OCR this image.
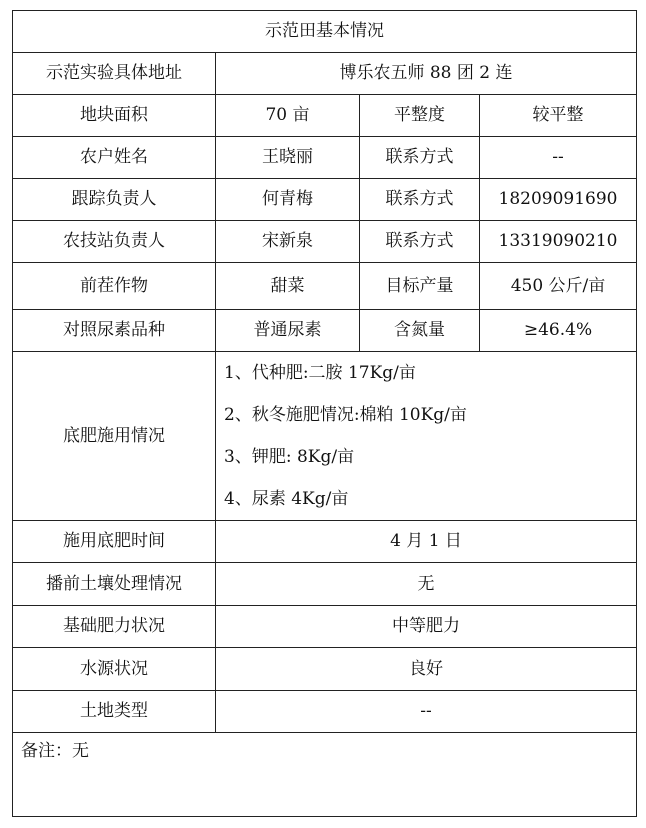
示范田基本情况			
示范实验具体地址	博乐农五师 88 团 2 连		
地块面积	70 亩	平整度	较平整
农户姓名	王晓丽	联系方式	--
跟踪负责人	何青梅	联系方式	18209091690
农技站负责人	宋新泉	联系方式	13319090210
前茬作物	甜菜	目标产量	450 公斤/亩
对照尿素品种	普通尿素	含氮量	≥46.4%
底肥施用情况	1、代种肥:二胺 17Kg/亩
2、秋冬施肥情况:棉粕 10Kg/亩
3、钾肥: 8Kg/亩
4、尿素 4Kg/亩		

施用底肥时间	4 月 1 日		
播前土壤处理情况	无		
基础肥力状况	中等肥力		
水源状况	良好		
土地类型	--		
备注：无			
